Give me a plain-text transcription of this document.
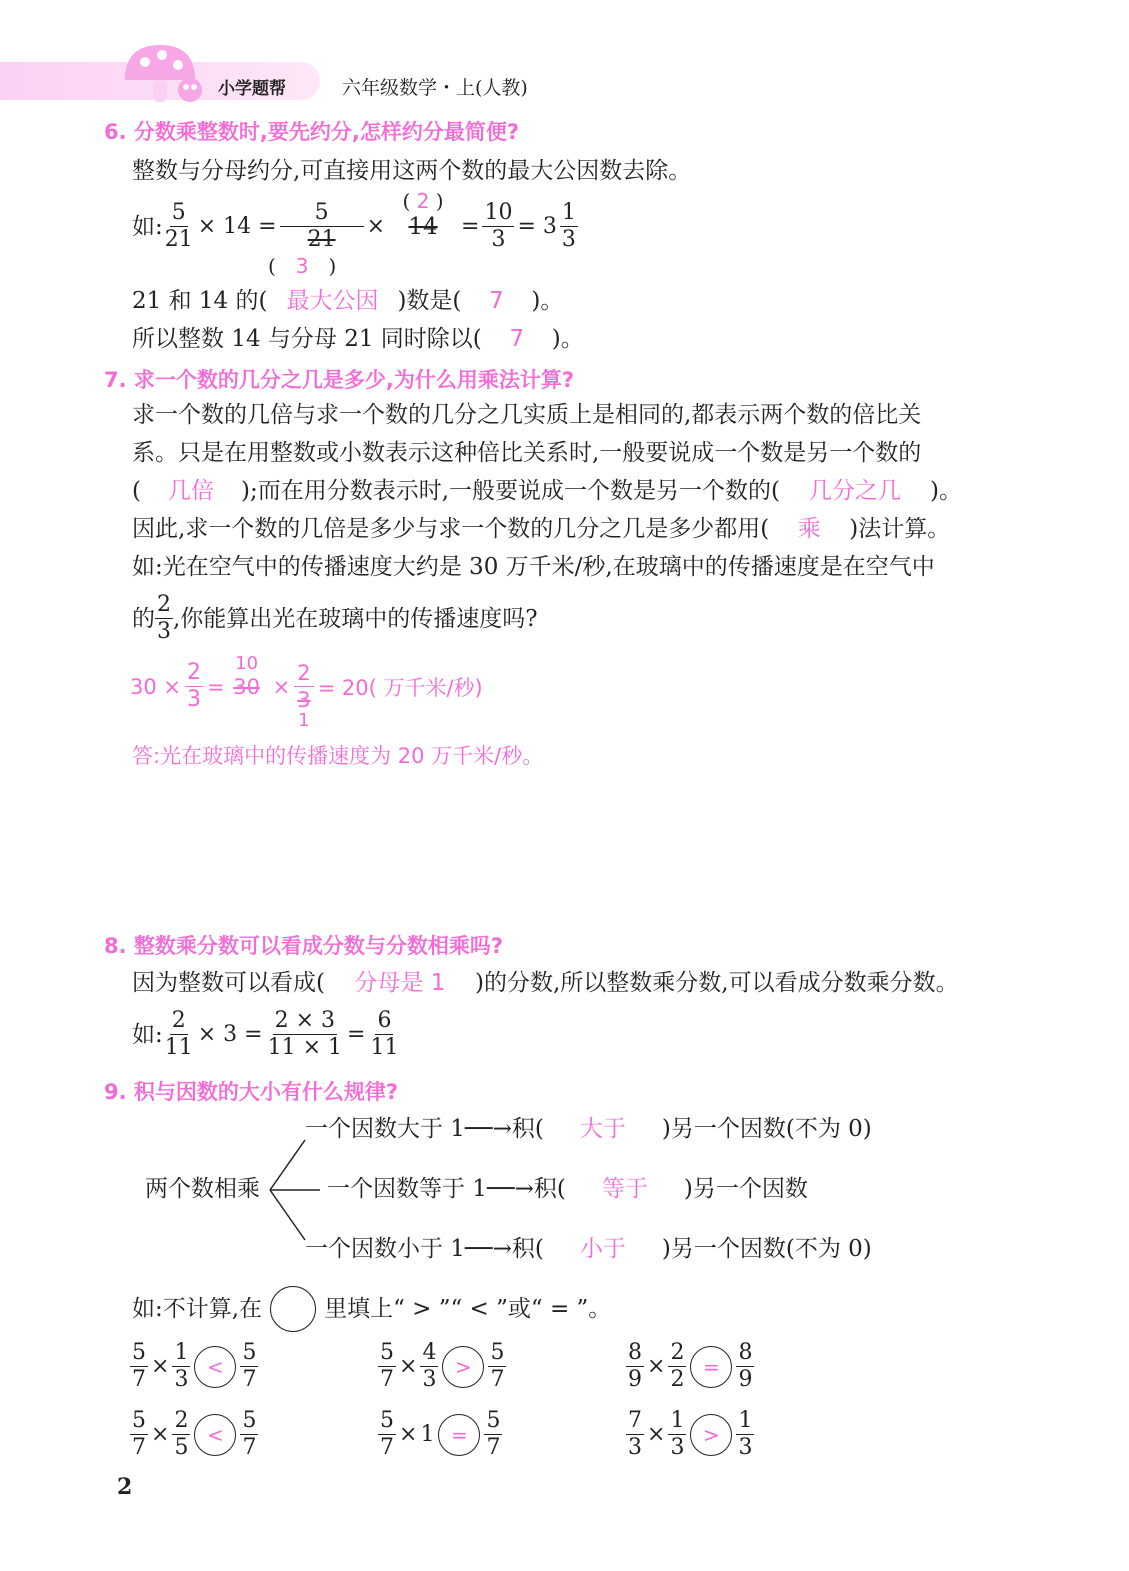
小学题帮	六年级数学・上(人教)
6. 分数乘整数时,要先约分,怎样约分最简便?
整数与分母约分,可直接用这两个数的最大公因数去除。
如: $\frac{5}{21} \times 14 = \frac{5}{21}$ ×
( 2 )
14	= $\frac{10}{3} = 3 \frac{1}{3}$
( 3 )
21 和 14 的( 最大公因 )数是( 7 )。
所以整数 14 与分母 21 同时除以( 7 )。
7. 求一个数的几分之几是多少,为什么用乘法计算?
求一个数的几倍与求一个数的几分之几实质上是相同的,都表示两个数的倍比关
系。只是在用整数或小数表示这种倍比关系时,一般要说成一个数是另一个数的
( 几倍 );而在用分数表示时,一般要说成一个数是另一个数的( 几分之几 )。
因此,求一个数的几倍是多少与求一个数的几分之几是多少都用( 乘 )法计算。
如:光在空气中的传播速度大约是 30 万千米/秒,在玻璃中的传播速度是在空气中
的 $\frac{2}{3}$ ,你能算出光在玻璃中的传播速度吗?
$30 \times \frac{2}{3}$ =
10
30 ×
2
3
1
= 20( 万千米/秒)
答:光在玻璃中的传播速度为 20 万千米/秒。
8. 整数乘分数可以看成分数与分数相乘吗?
因为整数可以看成( 分母是 1 )的分数,所以整数乘分数,可以看成分数乘分数。
如: $\frac{2}{11} \times 3 = \frac{2 \times 3}{11 \times 1} = \frac{6}{11}$
9. 积与因数的大小有什么规律?
两个数相乘
一个因数大于 1──→积( 大于 )另一个因数(不为 0)
一个因数等于 1──→积( 等于 )另一个因数
一个因数小于 1──→积( 小于 )另一个因数(不为 0)
如:不计算,在	里填上“ > ”“ < ”或“ = ”。
$\frac{5}{7} \times \frac{1}{3} < \frac{5}{7}$	$\frac{5}{7} \times \frac{4}{3} > \frac{5}{7}$	$\frac{8}{9} \times \frac{2}{2} = \frac{8}{9}$
$\frac{5}{7} \times \frac{2}{5} < \frac{5}{7}$	$\frac{5}{7} \times 1 = \frac{5}{7}$	$\frac{7}{3} \times \frac{1}{3} > \frac{1}{3}$
2
